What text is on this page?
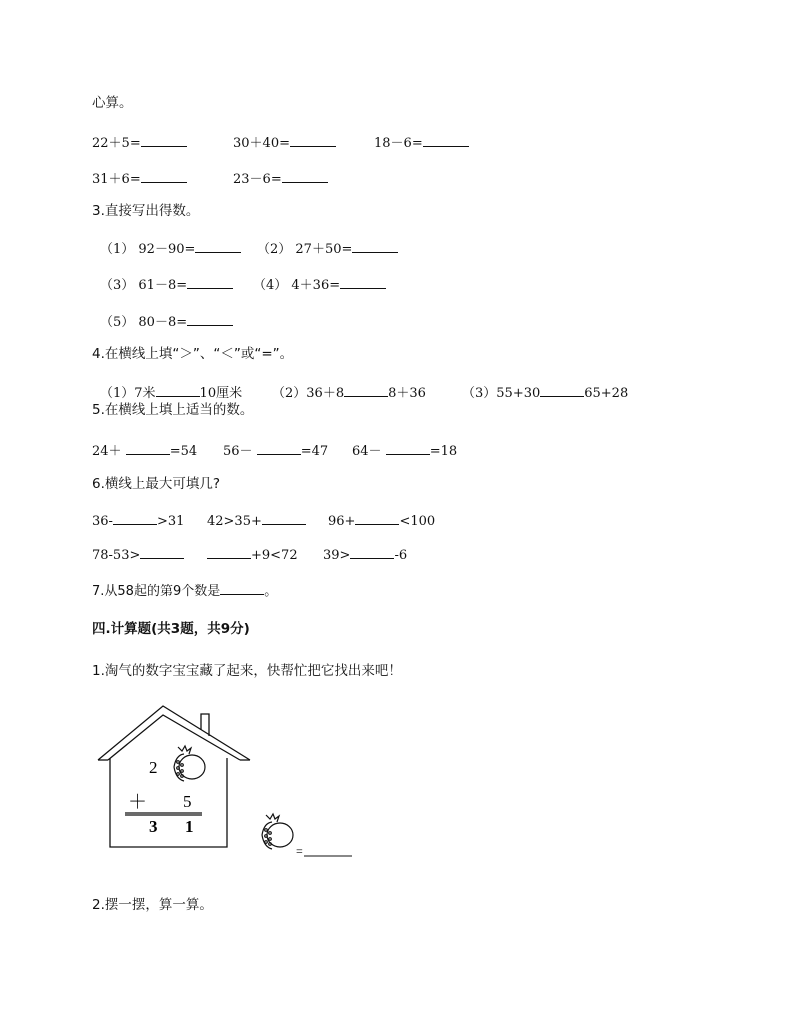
心算。
22＋5=	30＋40=	18－6=
31＋6=	23－6=
3.直接写出得数。
（1） 92－90=	（2） 27＋50=
（3） 61－8=	（4） 4＋36=
（5） 80－8=
4.在横线上填“＞”、“＜”或“=”。
（1）7米	10厘米 （2）36＋8	8＋36	（3）55+30	65+28
5.在横线上填上适当的数。
24＋	=54 56－	=47 64－	=18
6.横线上最大可填几?
36-	>31 42>35+	96+	<100
78-53>	+9<72 39>	-6
7.从58起的第9个数是	。
四.计算题(共3题，共9分)
1.淘气的数字宝宝藏了起来，快帮忙把它找出来吧！
2
＋ 5
3 1
=
2.摆一摆，算一算。
